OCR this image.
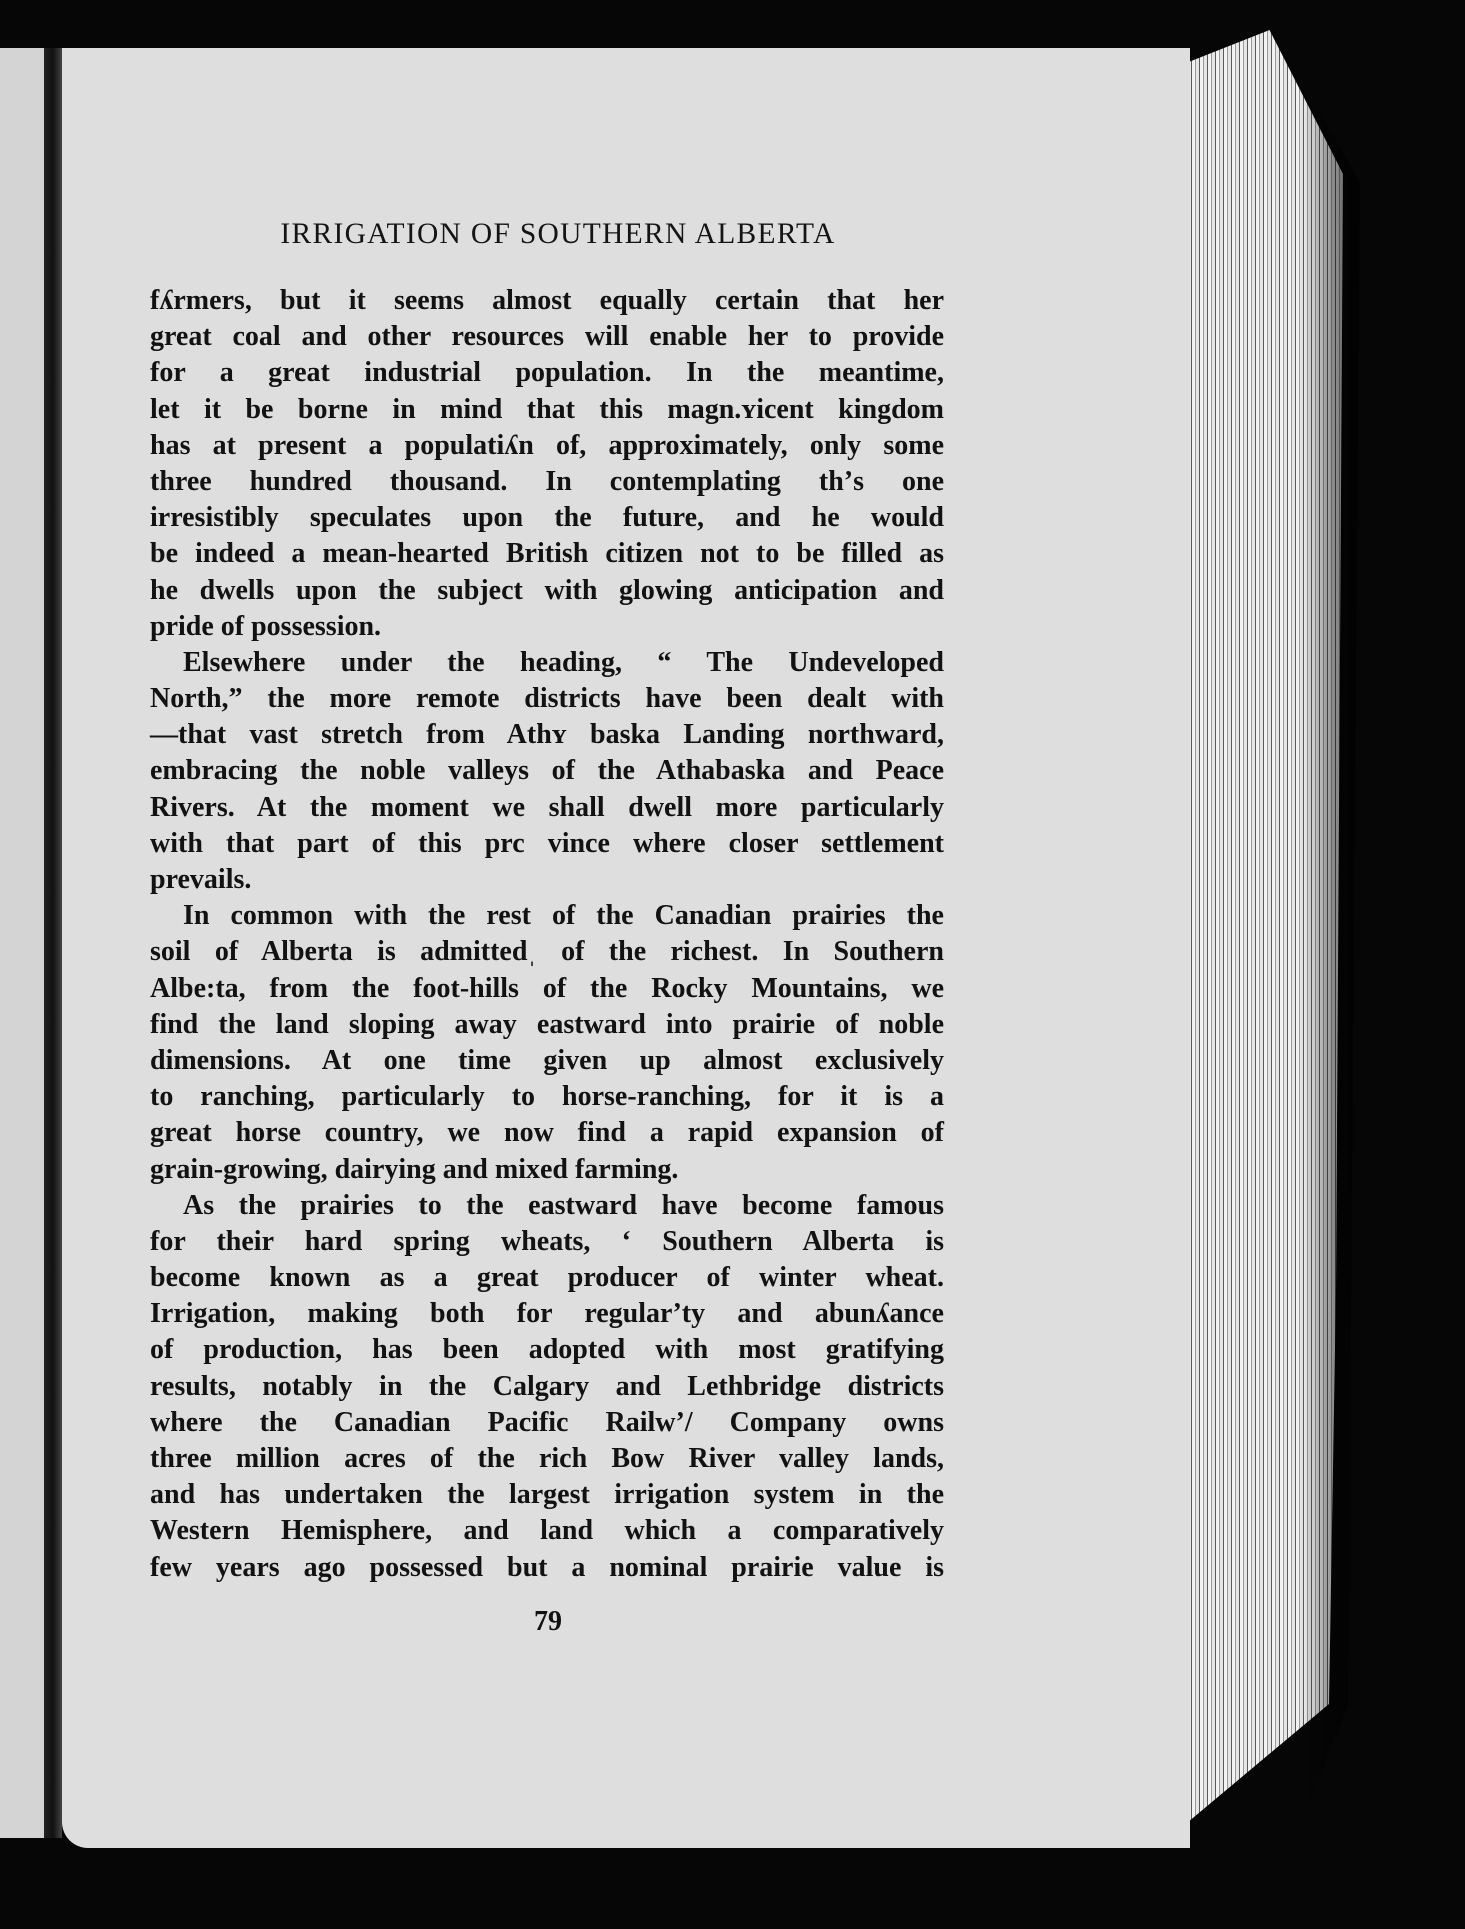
IRRIGATION OF SOUTHERN ALBERTA
fʎrmers, but it seems almost equally certain that her
great coal and other resources will enable her to provide
for a great industrial population. In the meantime,
let it be borne in mind that this magn.ʏicent kingdom
has at present a populatiʎn of, approximately, only some
three hundred thousand. In contemplating thʼs one
irresistibly speculates upon the future, and he would
be indeed a mean-hearted British citizen not to be filled as
he dwells upon the subject with glowing anticipation and
pride of possession.
Elsewhere under the heading, “ The Undeveloped
North,” the more remote districts have been dealt with
—that vast stretch from Athʏ baska Landing northward,
embracing the noble valleys of the Athabaska and Peace
Rivers. At the moment we shall dwell more particularly
with that part of this prc vince where closer settlement
prevails.
In common with the rest of the Canadian prairies the
soil of Alberta is admittedˌ of the richest. In Southern
Albe:ta, from the foot-hills of the Rocky Mountains, we
find the land sloping away eastward into prairie of noble
dimensions. At one time given up almost exclusively
to ranching, particularly to horse-ranching, for it is a
great horse country, we now find a rapid expansion of
grain-growing, dairying and mixed farming.
As the prairies to the eastward have become famous
for their hard spring wheats, ʻ Southern Alberta is
become known as a great producer of winter wheat.
Irrigation, making both for regularʼty and abunʎance
of production, has been adopted with most gratifying
results, notably in the Calgary and Lethbridge districts
where the Canadian Pacific Railwʼ/ Company owns
three million acres of the rich Bow River valley lands,
and has undertaken the largest irrigation system in the
Western Hemisphere, and land which a comparatively
few years ago possessed but a nominal prairie value is
79
